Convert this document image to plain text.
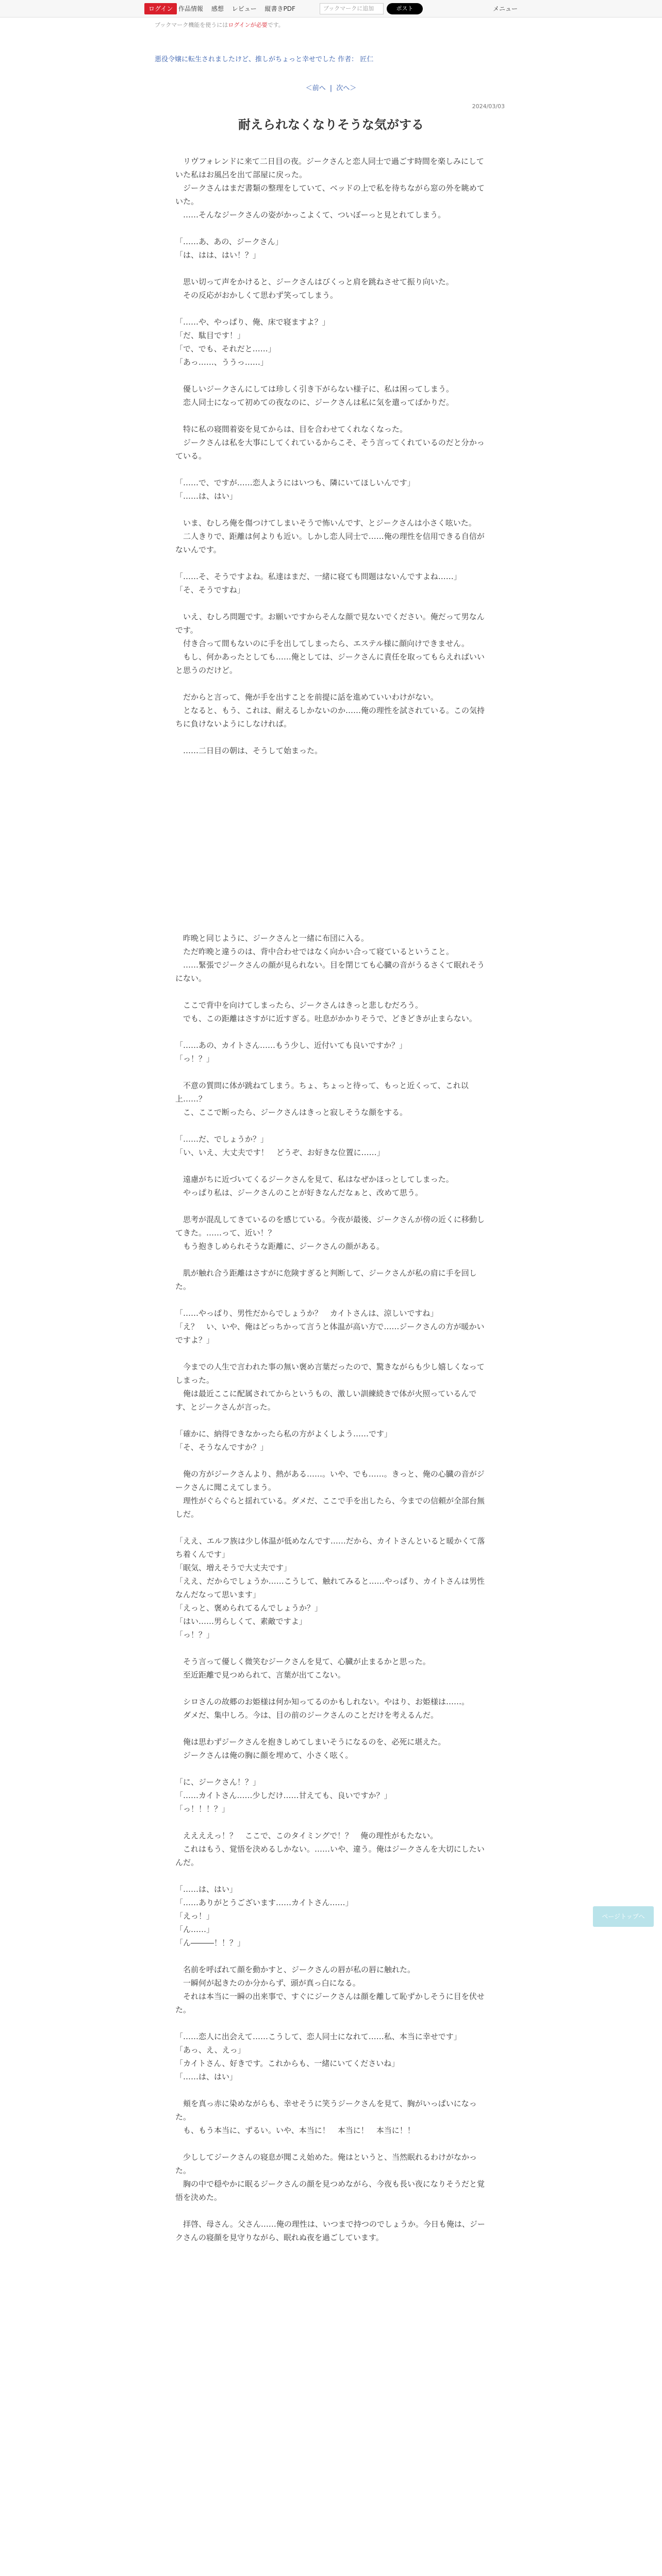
ログイン 作品情報 感想 レビュー 縦書きPDF	ブックマークに追加	ポスト	メニュー
ブックマーク機能を使うにはログインが必要です。
悪役令嬢に転生されましたけど、推しがちょっと幸せでした 作者： 匠仁
＜前へ | 次へ＞
2024/03/03
耐えられなくなりそうな気がする

　リヴフォレンドに来て二日目の夜。ジークさんと恋人同士で過ごす時間を楽しみにしていた私はお風呂を出て部屋に戻った。

　ジークさんはまだ書類の整理をしていて、ベッドの上で私を待ちながら窓の外を眺めていた。

　……そんなジークさんの姿がかっこよくて、ついぼーっと見とれてしまう。

「……あ、あの、ジークさん」

「は、はは、はい！？」

　思い切って声をかけると、ジークさんはびくっと肩を跳ねさせて振り向いた。

　その反応がおかしくて思わず笑ってしまう。

「……や、やっぱり、俺、床で寝ますよ？」

「だ、駄目です！」

「で、でも、それだと……」

「あっ……、ううっ……」

　優しいジークさんにしては珍しく引き下がらない様子に、私は困ってしまう。

　恋人同士になって初めての夜なのに、ジークさんは私に気を遣ってばかりだ。

　特に私の寝間着姿を見てからは、目を合わせてくれなくなった。

　ジークさんは私を大事にしてくれているからこそ、そう言ってくれているのだと分かっている。

「……で、ですが……恋人ようにはいつも、隣にいてほしいんです」

「……は、はい」

　いま、むしろ俺を傷つけてしまいそうで怖いんです、とジークさんは小さく呟いた。

　二人きりで、距離は何よりも近い。しかし恋人同士で……俺の理性を信用できる自信がないんです。

「……そ、そうですよね。私達はまだ、一緒に寝ても問題はないんですよね……」

「そ、そうですね」

　いえ、むしろ問題です。お願いですからそんな顔で見ないでください。俺だって男なんです。

　付き合って間もないのに手を出してしまったら、エステル様に顔向けできません。

　もし、何かあったとしても……俺としては、ジークさんに責任を取ってもらえればいいと思うのだけど。

　だからと言って、俺が手を出すことを前提に話を進めていいわけがない。

　となると、もう、これは、耐えるしかないのか……俺の理性を試されている。この気持ちに負けないようにしなければ。

　……二日目の朝は、そうして始まった。

　昨晩と同じように、ジークさんと一緒に布団に入る。

　ただ昨晩と違うのは、背中合わせではなく向かい合って寝ているということ。

　……緊張でジークさんの顔が見られない。目を閉じても心臓の音がうるさくて眠れそうにない。

　ここで背中を向けてしまったら、ジークさんはきっと悲しむだろう。

　でも、この距離はさすがに近すぎる。吐息がかかりそうで、どきどきが止まらない。

「……あの、カイトさん……もう少し、近付いても良いですか？」

「っ！？」

　不意の質問に体が跳ねてしまう。ちょ、ちょっと待って、もっと近くって、これ以上……？

　こ、ここで断ったら、ジークさんはきっと寂しそうな顔をする。

「……だ、でしょうか？」

「い、いえ、大丈夫です！　どうぞ、お好きな位置に……」

　遠慮がちに近づいてくるジークさんを見て、私はなぜかほっとしてしまった。

　やっぱり私は、ジークさんのことが好きなんだなぁと、改めて思う。

　思考が混乱してきているのを感じている。今夜が最後、ジークさんが傍の近くに移動してきた。……って、近い！？

　もう抱きしめられそうな距離に、ジークさんの顔がある。

　肌が触れ合う距離はさすがに危険すぎると判断して、ジークさんが私の肩に手を回した。

「……やっぱり、男性だからでしょうか？　カイトさんは、涼しいですね」

「え？　い、いや、俺はどっちかって言うと体温が高い方で……ジークさんの方が暖かいですよ？」

　今までの人生で言われた事の無い褒め言葉だったので、驚きながらも少し嬉しくなってしまった。

　俺は最近ここに配属されてからというもの、激しい訓練続きで体が火照っているんです、とジークさんが言った。

「確かに、納得できなかったら私の方がよくしよう……です」

「そ、そうなんですか？」

　俺の方がジークさんより、熱がある……。いや、でも……。きっと、俺の心臓の音がジークさんに聞こえてしまう。

　理性がぐらぐらと揺れている。ダメだ、ここで手を出したら、今までの信頼が全部台無しだ。

「ええ、エルフ族は少し体温が低めなんです……だから、カイトさんといると暖かくて落ち着くんです」

「眠気、増えそうで大丈夫です」

「ええ、だからでしょうか……こうして、触れてみると……やっぱり、カイトさんは男性なんだなって思います」

「えっと、褒められてるんでしょうか？」

「はい……男らしくて、素敵ですよ」

「っ！？」

　そう言って優しく微笑むジークさんを見て、心臓が止まるかと思った。

　至近距離で見つめられて、言葉が出てこない。

　シロさんの故郷のお姫様は何か知ってるのかもしれない。やはり、お姫様は……。

　ダメだ、集中しろ。今は、目の前のジークさんのことだけを考えるんだ。

　俺は思わずジークさんを抱きしめてしまいそうになるのを、必死に堪えた。

　ジークさんは俺の胸に顔を埋めて、小さく呟く。

「に、ジークさん！？」

「……カイトさん……少しだけ……甘えても、良いですか？」

「っ！！！？」

　ええええっ！？　ここで、このタイミングで！？　俺の理性がもたない。

　これはもう、覚悟を決めるしかない。……いや、違う。俺はジークさんを大切にしたいんだ。

「……は、はい」

「……ありがとうございます……カイトさん……」

「えっ！」

「ん……」

「ん―――！！？」

　名前を呼ばれて顔を動かすと、ジークさんの唇が私の唇に触れた。

　一瞬何が起きたのか分からず、頭が真っ白になる。

　それは本当に一瞬の出来事で、すぐにジークさんは顔を離して恥ずかしそうに目を伏せた。

「……恋人に出会えて……こうして、恋人同士になれて……私、本当に幸せです」

「あっ、え、えっ」

「カイトさん、好きです。これからも、一緒にいてくださいね」

「……は、はい」

　頬を真っ赤に染めながらも、幸せそうに笑うジークさんを見て、胸がいっぱいになった。

　も、もう本当に、ずるい。いや、本当に！　本当に！　本当に！！

　少ししてジークさんの寝息が聞こえ始めた。俺はというと、当然眠れるわけがなかった。

　胸の中で穏やかに眠るジークさんの顔を見つめながら、今夜も長い夜になりそうだと覚悟を決めた。

　拝啓、母さん。父さん……俺の理性は、いつまで持つのでしょうか。今日も俺は、ジークさんの寝顔を見守りながら、眠れぬ夜を過ごしています。

ページトップへ
